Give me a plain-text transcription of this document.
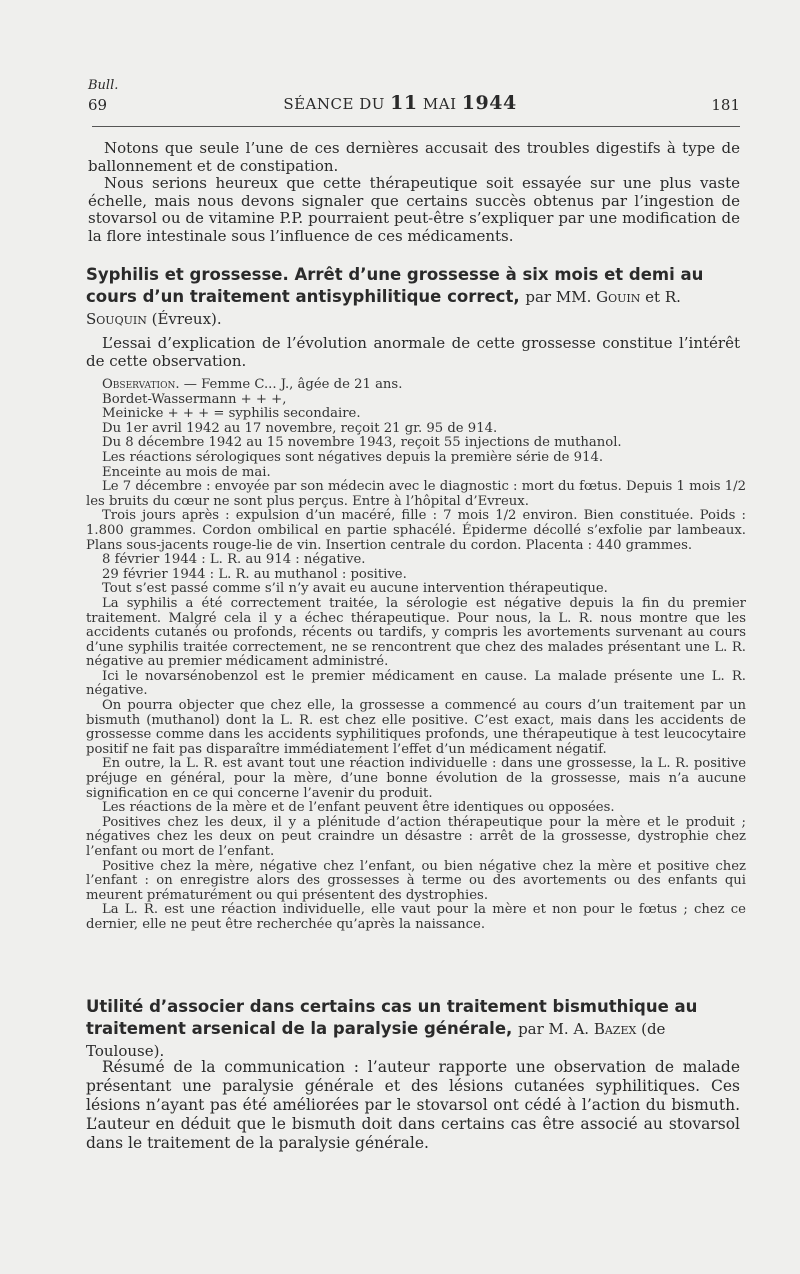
Bull.
69	SÉANCE DU 11 MAI 1944	181

Notons que seule l’une de ces dernières accusait des troubles digestifs à type de ballonnement et de constipation.

Nous serions heureux que cette thérapeutique soit essayée sur une plus vaste échelle, mais nous devons signaler que certains succès obtenus par l’ingestion de stovarsol ou de vitamine P.P. pourraient peut-être s’expliquer par une modification de la flore intestinale sous l’influence de ces médicaments.

Syphilis et grossesse. Arrêt d’une grossesse à six mois et demi au cours d’un traitement antisyphilitique correct, par MM. Gouin et R. Souquin (Évreux).

L’essai d’explication de l’évolution anormale de cette grossesse constitue l’intérêt de cette observation.

Observation. — Femme C... J., âgée de 21 ans.

Bordet-Wassermann + + +,

Meinicke + + + = syphilis secondaire.

Du 1er avril 1942 au 17 novembre, reçoit 21 gr. 95 de 914.

Du 8 décembre 1942 au 15 novembre 1943, reçoit 55 injections de muthanol.

Les réactions sérologiques sont négatives depuis la première série de 914.

Enceinte au mois de mai.

Le 7 décembre : envoyée par son médecin avec le diagnostic : mort du fœtus. Depuis 1 mois 1/2 les bruits du cœur ne sont plus perçus. Entre à l’hôpital d’Evreux.

Trois jours après : expulsion d’un macéré, fille : 7 mois 1/2 environ. Bien constituée. Poids : 1.800 grammes. Cordon ombilical en partie sphacélé. Épiderme décollé s’exfolie par lambeaux. Plans sous-jacents rouge-lie de vin. Insertion centrale du cordon. Placenta : 440 grammes.

8 février 1944 : L. R. au 914 : négative.

29 février 1944 : L. R. au muthanol : positive.

Tout s’est passé comme s’il n’y avait eu aucune intervention thérapeutique.

La syphilis a été correctement traitée, la sérologie est négative depuis la fin du premier traitement. Malgré cela il y a échec thérapeutique. Pour nous, la L. R. nous montre que les accidents cutanés ou profonds, récents ou tardifs, y compris les avortements survenant au cours d’une syphilis traitée correctement, ne se rencontrent que chez des malades présentant une L. R. négative au premier médicament administré.

Ici le novarsénobenzol est le premier médicament en cause. La malade présente une L. R. négative.

On pourra objecter que chez elle, la grossesse a commencé au cours d’un traitement par un bismuth (muthanol) dont la L. R. est chez elle positive. C’est exact, mais dans les accidents de grossesse comme dans les accidents syphilitiques profonds, une thérapeutique à test leucocytaire positif ne fait pas disparaître immédiatement l’effet d’un médicament négatif.

En outre, la L. R. est avant tout une réaction individuelle : dans une grossesse, la L. R. positive préjuge en général, pour la mère, d’une bonne évolution de la grossesse, mais n’a aucune signification en ce qui concerne l’avenir du produit.

Les réactions de la mère et de l’enfant peuvent être identiques ou opposées.

Positives chez les deux, il y a plénitude d’action thérapeutique pour la mère et le produit ; négatives chez les deux on peut craindre un désastre : arrêt de la grossesse, dystrophie chez l’enfant ou mort de l’enfant.

Positive chez la mère, négative chez l’enfant, ou bien négative chez la mère et positive chez l’enfant : on enregistre alors des grossesses à terme ou des avortements ou des enfants qui meurent prématurément ou qui présentent des dystrophies.

La L. R. est une réaction individuelle, elle vaut pour la mère et non pour le fœtus ; chez ce dernier, elle ne peut être recherchée qu’après la naissance.

Utilité d’associer dans certains cas un traitement bismuthique au traitement arsenical de la paralysie générale, par M. A. Bazex (de Toulouse).

Résumé de la communication : l’auteur rapporte une observation de malade présentant une paralysie générale et des lésions cutanées syphilitiques. Ces lésions n’ayant pas été améliorées par le stovarsol ont cédé à l’action du bismuth. L’auteur en déduit que le bismuth doit dans certains cas être associé au stovarsol dans le traitement de la paralysie générale.
